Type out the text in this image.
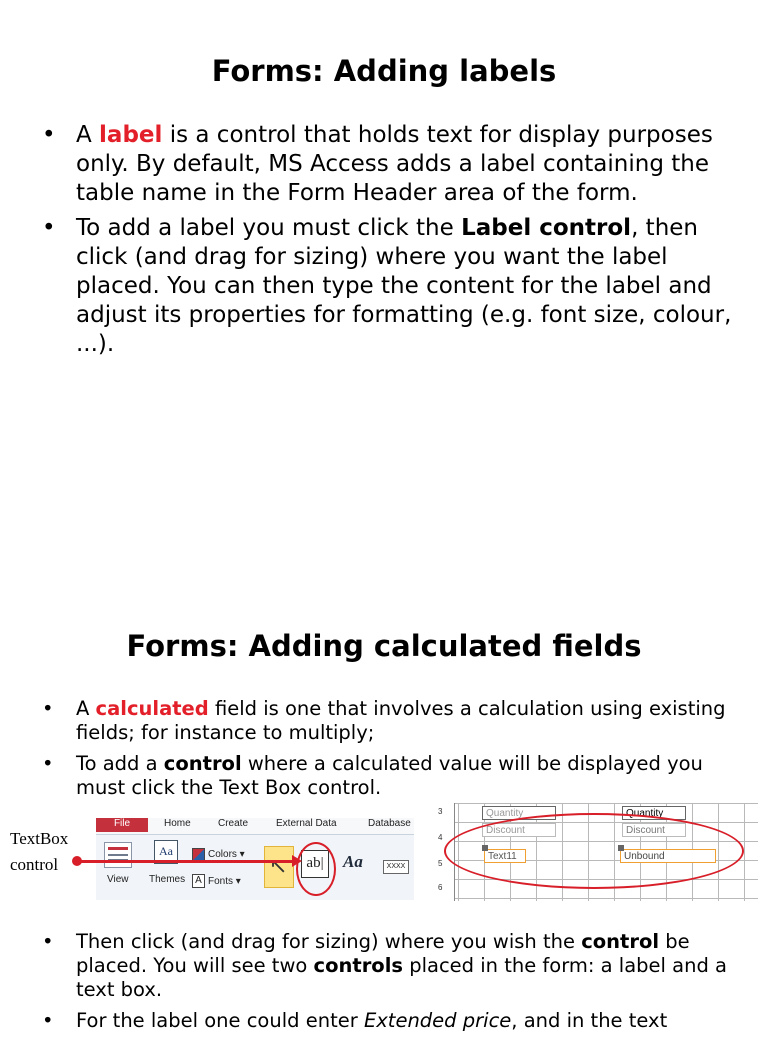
Forms: Adding labels
• A label is a control that holds text for display purposes only. By default, MS Access adds a label containing the table name in the Form Header area of the form.
• To add a label you must click the Label control, then click (and drag for sizing) where you want the label placed. You can then type the content for the label and adjust its properties for formatting (e.g. font size, colour, ...).
Forms: Adding calculated fields
• A calculated field is one that involves a calculation using existing fields; for instance to multiply;
• To add a control where a calculated value will be displayed you must click the Text Box control.
TextBox
control
File	Home	Create	External Data	Database
View
Aa
Themes
Colors ▾
A Fonts ▾
↖
ab|	Aa	XXXX
3
4
5
6
Quantity	Quantity
Discount	Discount
Text11	Unbound
• Then click (and drag for sizing) where you wish the control be placed. You will see two controls placed in the form: a label and a text box.
• For the label one could enter Extended price, and in the text
